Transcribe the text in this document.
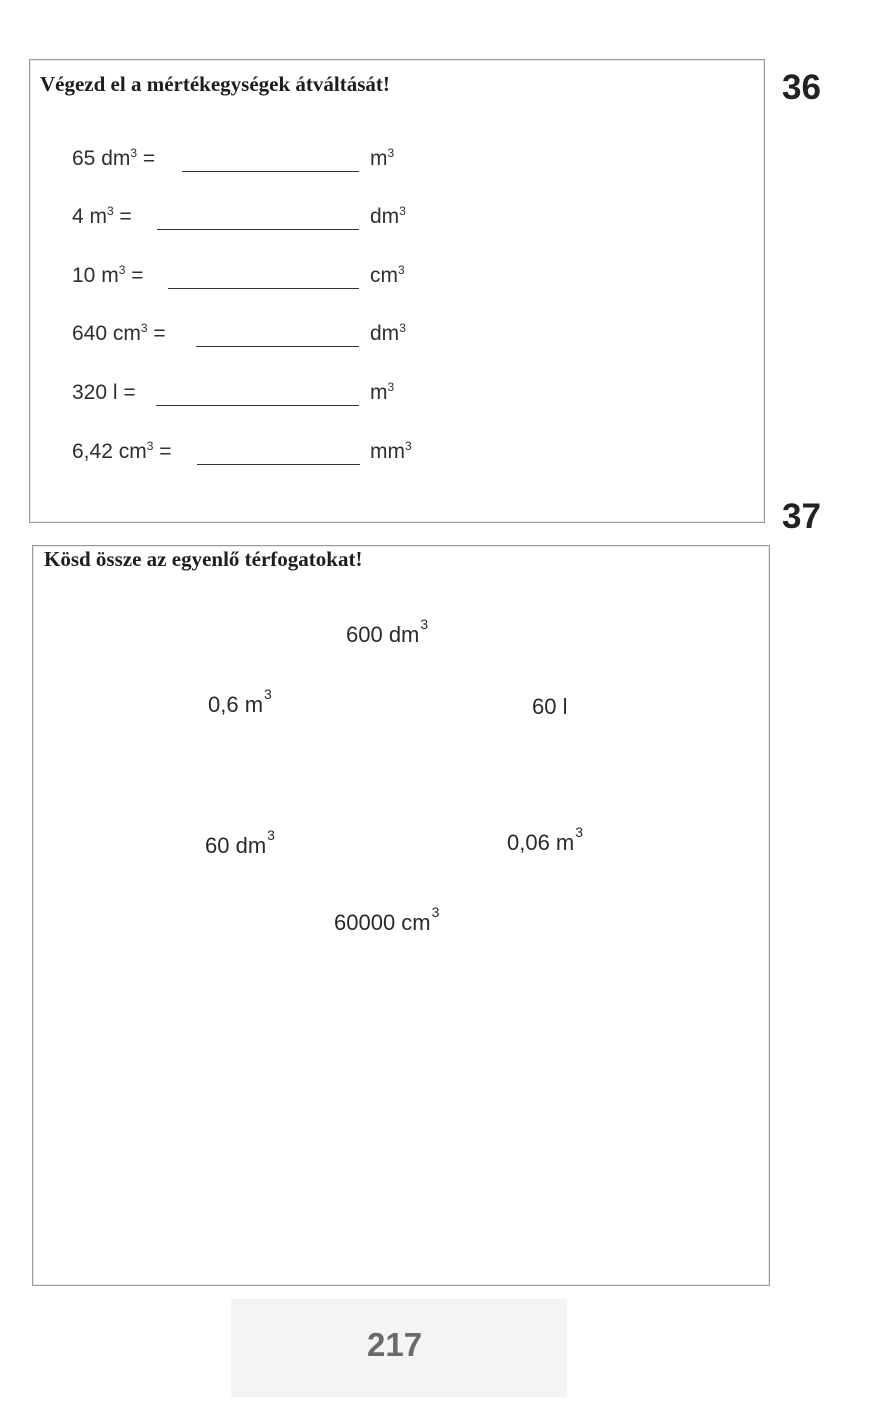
36
Végezd el a mértékegységek átváltását!
65 $dm^3$ =	$m^3$
4 $m^3$ =	$dm^3$
10 $m^3$ =	$cm^3$
640 $cm^3$ =	$dm^3$
320 l =	$m^3$
6,42 $cm^3$ =	$mm^3$
37
Kösd össze az egyenlő térfogatokat!
600 $dm^3$
0,6 $m^3$	60 l
60 $dm^3$	0,06 $m^3$
60000 $cm^3$
217
